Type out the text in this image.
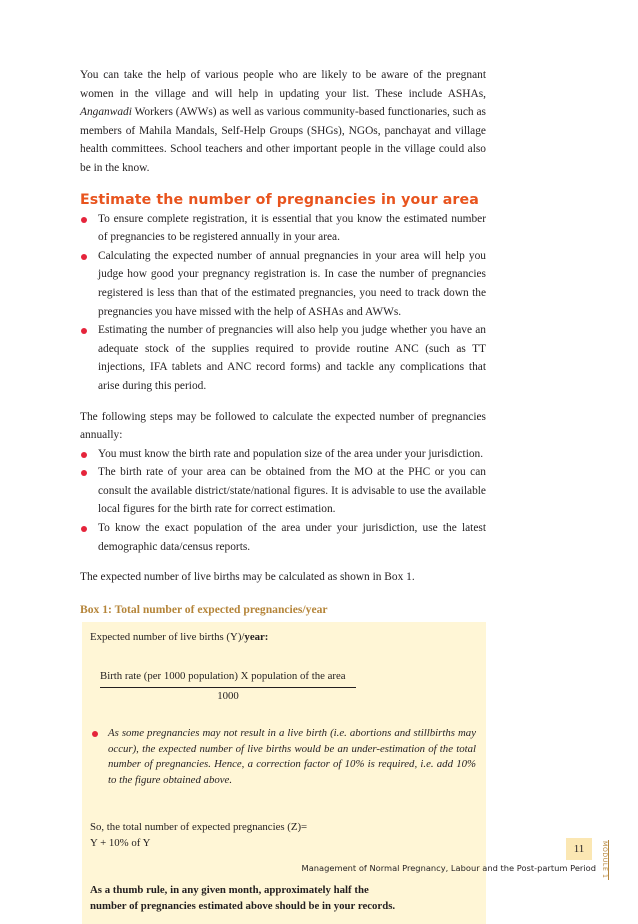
You can take the help of various people who are likely to be aware of the pregnant women in the village and will help in updating your list. These include ASHAs, Anganwadi Workers (AWWs) as well as various community-based functionaries, such as members of Mahila Mandals, Self-Help Groups (SHGs), NGOs, panchayat and village health committees. School teachers and other important people in the village could also be in the know.

Estimate the number of pregnancies in your area
To ensure complete registration, it is essential that you know the estimated number of pregnancies to be registered annually in your area.
Calculating the expected number of annual pregnancies in your area will help you judge how good your pregnancy registration is. In case the number of pregnancies registered is less than that of the estimated pregnancies, you need to track down the pregnancies you have missed with the help of ASHAs and AWWs.
Estimating the number of pregnancies will also help you judge whether you have an adequate stock of the supplies required to provide routine ANC (such as TT injections, IFA tablets and ANC record forms) and tackle any complications that arise during this period.

The following steps may be followed to calculate the expected number of pregnancies annually:

You must know the birth rate and population size of the area under your jurisdiction.
The birth rate of your area can be obtained from the MO at the PHC or you can consult the available district/state/national figures. It is advisable to use the available local figures for the birth rate for correct estimation.
To know the exact population of the area under your jurisdiction, use the latest demographic data/census reports.

The expected number of live births may be calculated as shown in Box 1.

Box 1: Total number of expected pregnancies/year

Expected number of live births (Y)/year:

Birth rate (per 1000 population) X population of the area
1000

As some pregnancies may not result in a live birth (i.e. abortions and stillbirths may occur), the expected number of live births would be an under-estimation of the total number of pregnancies. Hence, a correction factor of 10% is required, i.e. add 10% to the figure obtained above.

So, the total number of expected pregnancies (Z)=

Y + 10% of Y

As a thumb rule, in any given month, approximately half the

number of pregnancies estimated above should be in your records.

11	MODULE 1
Management of Normal Pregnancy, Labour and the Post-partum Period
